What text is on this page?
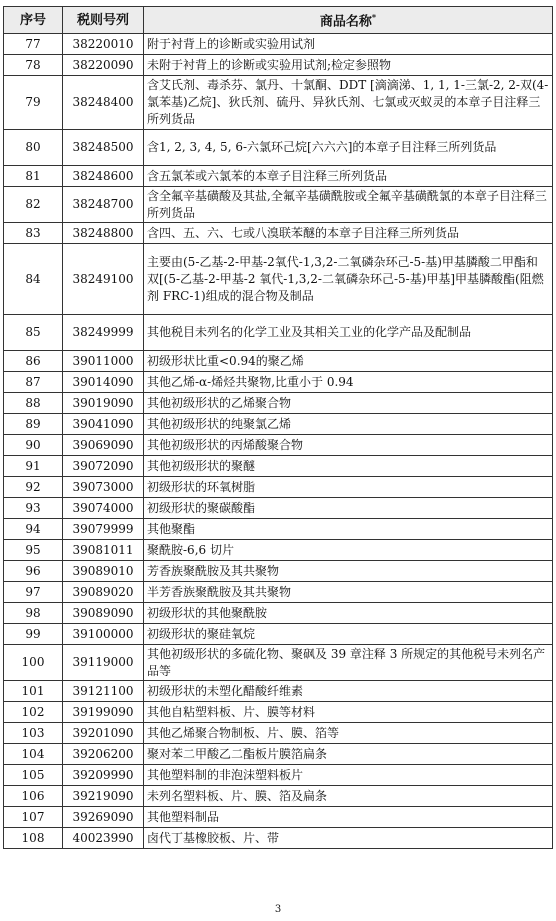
序号	税则号列	商品名称*
77	38220010	附于衬背上的诊断或实验用试剂
78	38220090	未附于衬背上的诊断或实验用试剂;检定参照物
79	38248400	含艾氏剂、毒杀芬、氯丹、十氯酮、DDT [滴滴涕、1, 1, 1-三氯-2, 2-双(4-氯苯基)乙烷]、狄氏剂、硫丹、异狄氏剂、七氯或灭蚁灵的本章子目注释三所列货品
80	38248500	含1, 2, 3, 4, 5, 6-六氯环己烷[六六六]的本章子目注释三所列货品
81	38248600	含五氯苯或六氯苯的本章子目注释三所列货品
82	38248700	含全氟辛基磺酸及其盐,全氟辛基磺酰胺或全氟辛基磺酰氯的本章子目注释三所列货品
83	38248800	含四、五、六、七或八溴联苯醚的本章子目注释三所列货品
84	38249100	主要由(5-乙基-2-甲基-2氧代-1,3,2-二氧磷杂环己-5-基)甲基膦酸二甲酯和双[(5-乙基-2-甲基-2 氧代-1,3,2-二氧磷杂环己-5-基)甲基]甲基膦酸酯(阻燃剂 FRC-1)组成的混合物及制品
85	38249999	其他税目未列名的化学工业及其相关工业的化学产品及配制品
86	39011000	初级形状比重<0.94的聚乙烯
87	39014090	其他乙烯-α-烯烃共聚物,比重小于 0.94
88	39019090	其他初级形状的乙烯聚合物
89	39041090	其他初级形状的纯聚氯乙烯
90	39069090	其他初级形状的丙烯酸聚合物
91	39072090	其他初级形状的聚醚
92	39073000	初级形状的环氧树脂
93	39074000	初级形状的聚碳酸酯
94	39079999	其他聚酯
95	39081011	聚酰胺-6,6 切片
96	39089010	芳香族聚酰胺及其共聚物
97	39089020	半芳香族聚酰胺及其共聚物
98	39089090	初级形状的其他聚酰胺
99	39100000	初级形状的聚硅氧烷
100	39119000	其他初级形状的多硫化物、聚砜及 39 章注释 3 所规定的其他税号未列名产品等
101	39121100	初级形状的未塑化醋酸纤维素
102	39199090	其他自粘塑料板、片、膜等材料
103	39201090	其他乙烯聚合物制板、片、膜、箔等
104	39206200	聚对苯二甲酸乙二酯板片膜箔扁条
105	39209990	其他塑料制的非泡沫塑料板片
106	39219090	未列名塑料板、片、膜、箔及扁条
107	39269090	其他塑料制品
108	40023990	卤代丁基橡胶板、片、带
3
